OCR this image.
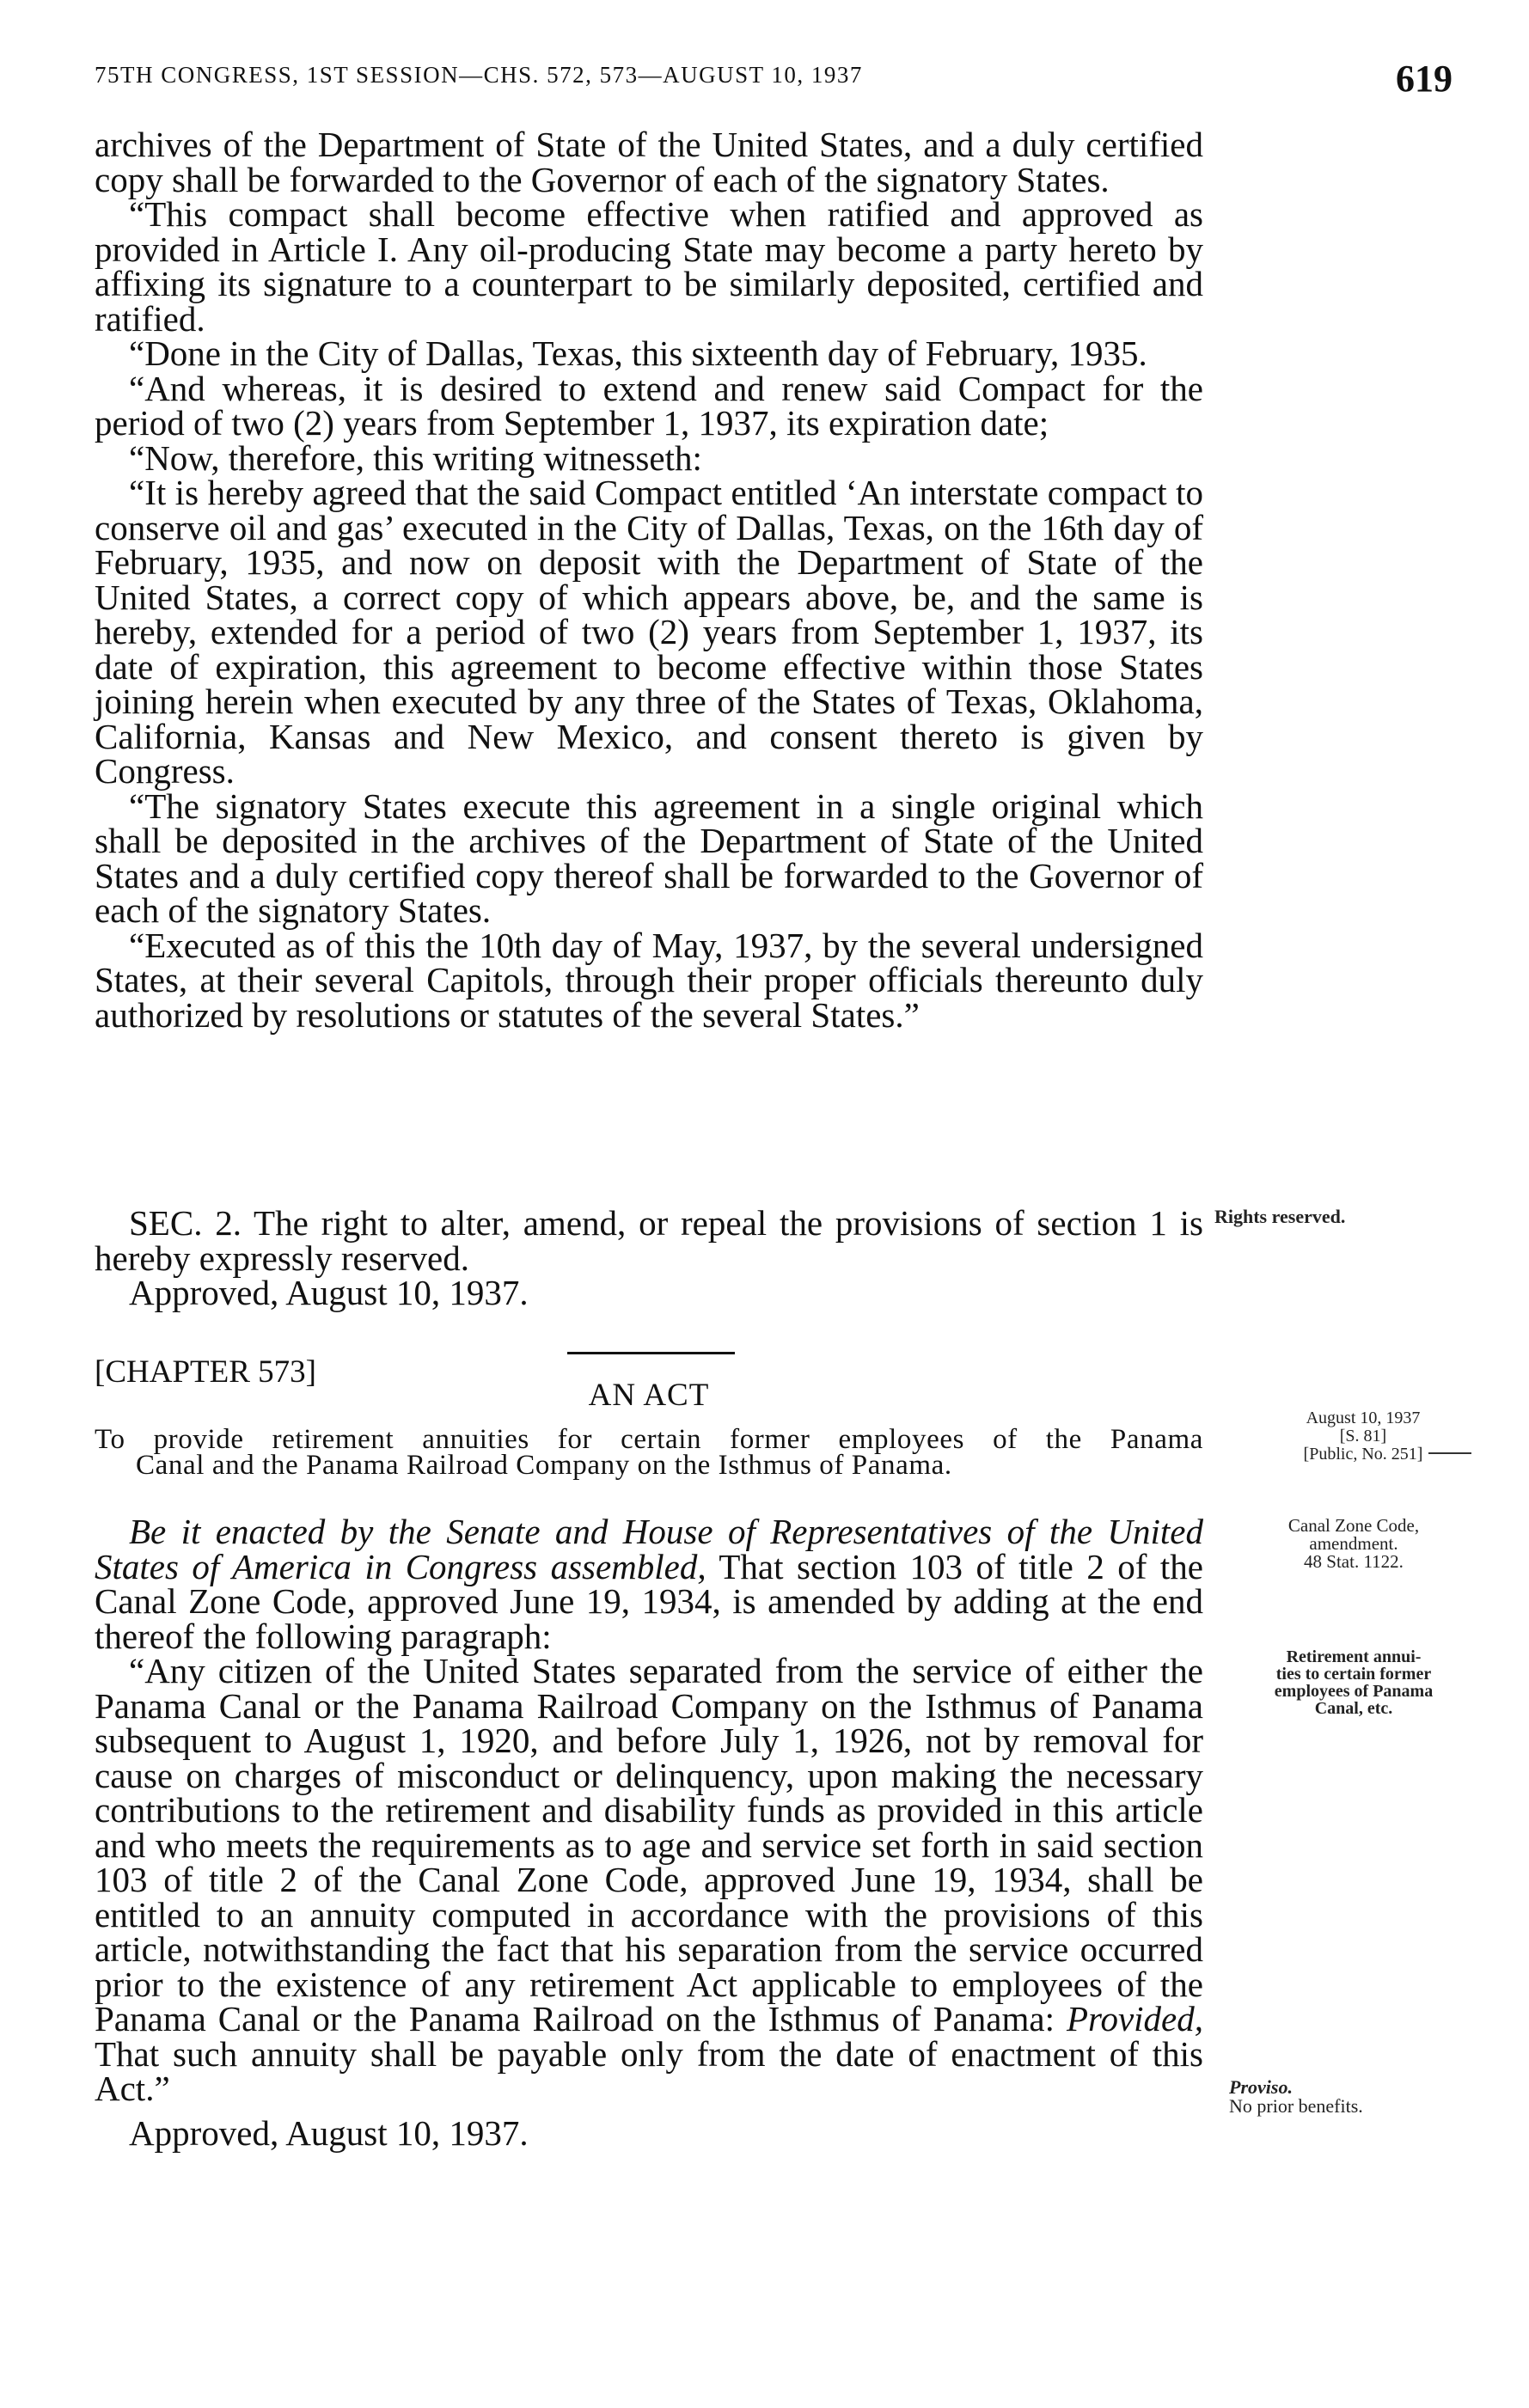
75TH CONGRESS, 1ST SESSION—CHS. 572, 573—AUGUST 10, 1937	619

archives of the Department of State of the United States, and a duly certified copy shall be forwarded to the Governor of each of the signatory States.

“This compact shall become effective when ratified and approved as provided in Article I. Any oil-producing State may become a party hereto by affixing its signature to a counterpart to be similarly deposited, certified and ratified.

“Done in the City of Dallas, Texas, this sixteenth day of February, 1935.

“And whereas, it is desired to extend and renew said Compact for the period of two (2) years from September 1, 1937, its expiration date;

“Now, therefore, this writing witnesseth:

“It is hereby agreed that the said Compact entitled ‘An interstate compact to conserve oil and gas’ executed in the City of Dallas, Texas, on the 16th day of February, 1935, and now on deposit with the Department of State of the United States, a correct copy of which appears above, be, and the same is hereby, extended for a period of two (2) years from September 1, 1937, its date of expiration, this agreement to become effective within those States joining herein when executed by any three of the States of Texas, Oklahoma, California, Kansas and New Mexico, and consent thereto is given by Congress.

“The signatory States execute this agreement in a single original which shall be deposited in the archives of the Department of State of the United States and a duly certified copy thereof shall be forwarded to the Governor of each of the signatory States.

“Executed as of this the 10th day of May, 1937, by the several undersigned States, at their several Capitols, through their proper officials thereunto duly authorized by resolutions or statutes of the several States.”

SEC. 2. The right to alter, amend, or repeal the provisions of section 1 is hereby expressly reserved.

Approved, August 10, 1937.

[CHAPTER 573]
AN ACT
To provide retirement annuities for certain former employees of the Panama
Canal and the Panama Railroad Company on the Isthmus of Panama.

Be it enacted by the Senate and House of Representatives of the United States of America in Congress assembled, That section 103 of title 2 of the Canal Zone Code, approved June 19, 1934, is amended by adding at the end thereof the following paragraph:

“Any citizen of the United States separated from the service of either the Panama Canal or the Panama Railroad Company on the Isthmus of Panama subsequent to August 1, 1920, and before July 1, 1926, not by removal for cause on charges of misconduct or delinquency, upon making the necessary contributions to the retirement and disability funds as provided in this article and who meets the requirements as to age and service set forth in said section 103 of title 2 of the Canal Zone Code, approved June 19, 1934, shall be entitled to an annuity computed in accordance with the provisions of this article, notwithstanding the fact that his separation from the service occurred prior to the existence of any retirement Act applicable to employees of the Panama Canal or the Panama Railroad on the Isthmus of Panama: Provided, That such annuity shall be payable only from the date of enactment of this Act.”

Approved, August 10, 1937.

Rights reserved.
August 10, 1937
[S. 81]
[Public, No. 251]
Canal Zone Code,
amendment.
48 Stat. 1122.
Retirement annui-
ties to certain former
employees of Panama
Canal, etc.
Proviso.
No prior benefits.
